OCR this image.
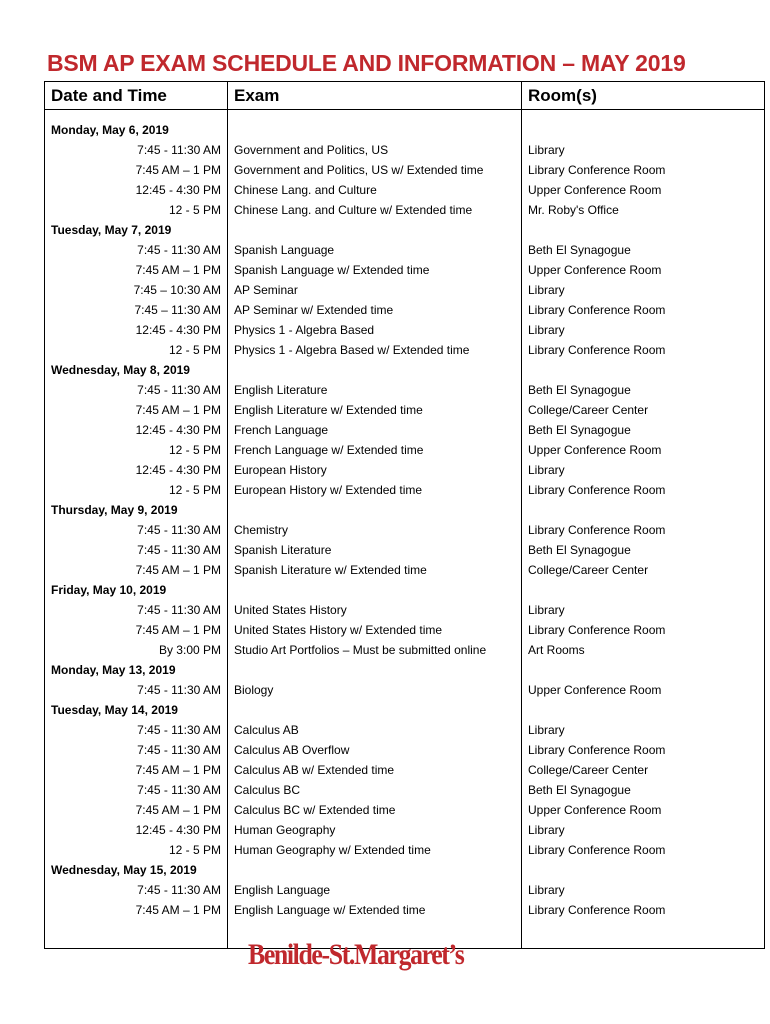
BSM AP EXAM SCHEDULE AND INFORMATION – MAY 2019
Date and Time	Exam	Room(s)

Monday, May 6, 2019		
7:45 - 11:30 AM	Government and Politics, US	Library
7:45 AM – 1 PM	Government and Politics, US w/ Extended time	Library Conference Room
12:45 - 4:30 PM	Chinese Lang. and Culture	Upper Conference Room
12 - 5 PM	Chinese Lang. and Culture w/ Extended time	Mr. Roby's Office
Tuesday, May 7, 2019		
7:45 - 11:30 AM	Spanish Language	Beth El Synagogue
7:45 AM – 1 PM	Spanish Language w/ Extended time	Upper Conference Room
7:45 – 10:30 AM	AP Seminar	Library
7:45 – 11:30 AM	AP Seminar w/ Extended time	Library Conference Room
12:45 - 4:30 PM	Physics 1 - Algebra Based	Library
12 - 5 PM	Physics 1 - Algebra Based w/ Extended time	Library Conference Room
Wednesday, May 8, 2019		
7:45 - 11:30 AM	English Literature	Beth El Synagogue
7:45 AM – 1 PM	English Literature w/ Extended time	College/Career Center
12:45 - 4:30 PM	French Language	Beth El Synagogue
12 - 5 PM	French Language w/ Extended time	Upper Conference Room
12:45 - 4:30 PM	European History	Library
12 - 5 PM	European History w/ Extended time	Library Conference Room
Thursday, May 9, 2019		
7:45 - 11:30 AM	Chemistry	Library Conference Room
7:45 - 11:30 AM	Spanish Literature	Beth El Synagogue
7:45 AM – 1 PM	Spanish Literature w/ Extended time	College/Career Center
Friday, May 10, 2019		
7:45 - 11:30 AM	United States History	Library
7:45 AM – 1 PM	United States History w/ Extended time	Library Conference Room
By 3:00 PM	Studio Art Portfolios – Must be submitted online	Art Rooms
Monday, May 13, 2019		
7:45 - 11:30 AM	Biology	Upper Conference Room
Tuesday, May 14, 2019		
7:45 - 11:30 AM	Calculus AB	Library
7:45 - 11:30 AM	Calculus AB Overflow	Library Conference Room
7:45 AM – 1 PM	Calculus AB w/ Extended time	College/Career Center
7:45 - 11:30 AM	Calculus BC	Beth El Synagogue
7:45 AM – 1 PM	Calculus BC w/ Extended time	Upper Conference Room
12:45 - 4:30 PM	Human Geography	Library
12 - 5 PM	Human Geography w/ Extended time	Library Conference Room
Wednesday, May 15, 2019		
7:45 - 11:30 AM	English Language	Library
7:45 AM – 1 PM	English Language w/ Extended time	Library Conference Room

Benilde-St.Margaret’s
